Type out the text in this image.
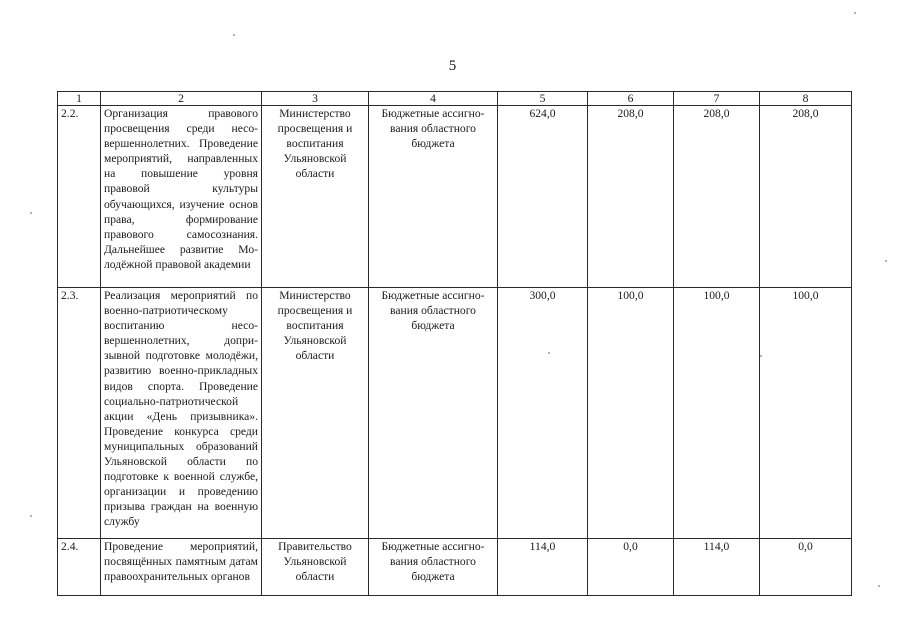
5
1	2	3	4	5	6	7	8
2.2.	Организация правового просвещения среди несовершеннолетних. Проведение мероприятий, направленных на повышение уровня правовой культуры обучающихся, изучение основ права, формирование правового самосознания. Дальнейшее развитие Молодёжной правовой академии	Министерство просвещения и воспитания Ульяновской области	Бюджетные ассигнования областного бюджета	624,0	208,0	208,0	208,0
2.3.	Реализация мероприятий по военно-патриотическому воспитанию несовершеннолетних, допризывной подготовке молодёжи, развитию военно-прикладных видов спорта. Проведение социально-патриотической акции «День призывника». Проведение конкурса среди муниципальных образований Ульяновской области по подготовке к военной службе, организации и проведению призыва граждан на военную службу	Министерство просвещения и воспитания Ульяновской области	Бюджетные ассигнования областного бюджета	300,0	100,0	100,0	100,0
2.4.	Проведение мероприятий, посвящённых памятным датам правоохранительных органов	Правительство Ульяновской области	Бюджетные ассигнования областного бюджета	114,0	0,0	114,0	0,0
